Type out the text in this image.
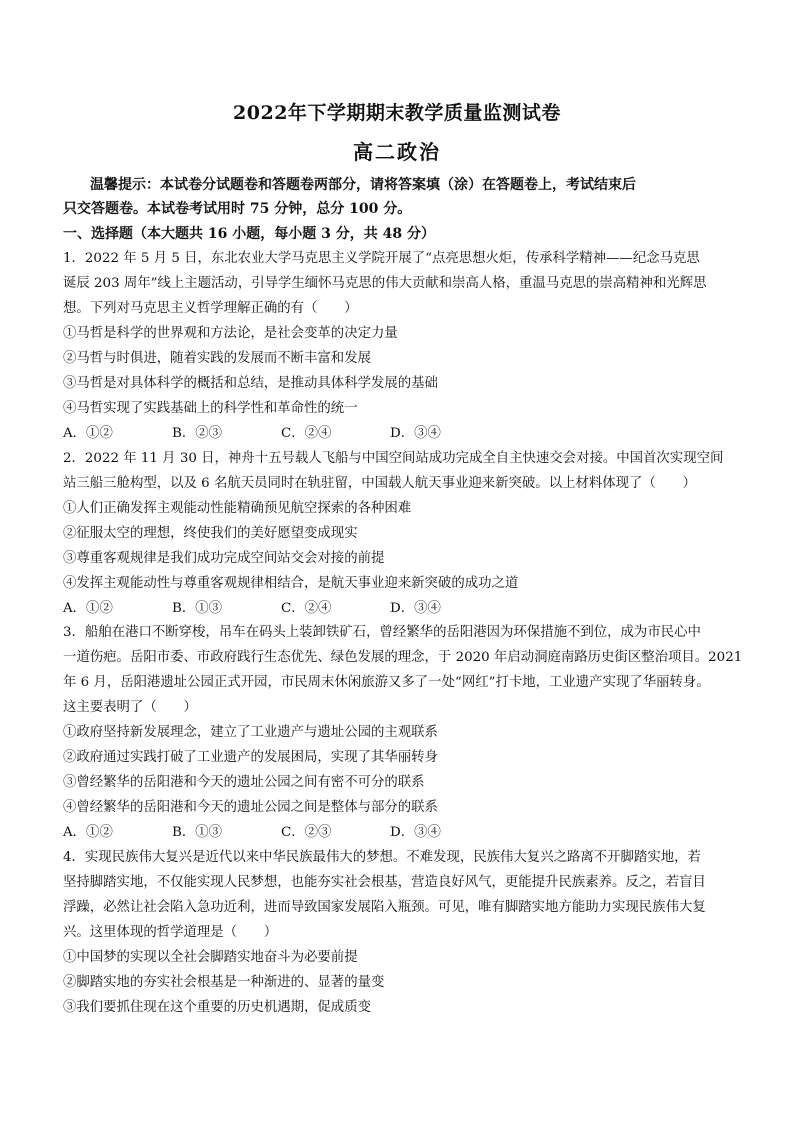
2022年下学期期末教学质量监测试卷
高二政治
温馨提示：本试卷分试题卷和答题卷两部分，请将答案填（涂）在答题卷上，考试结束后
只交答题卷。本试卷考试用时 75 分钟，总分 100 分。
一、选择题（本大题共 16 小题，每小题 3 分，共 48 分）
1．2022 年 5 月 5 日，东北农业大学马克思主义学院开展了“点亮思想火炬，传承科学精神——纪念马克思
诞辰 203 周年”线上主题活动，引导学生缅怀马克思的伟大贡献和崇高人格，重温马克思的崇高精神和光辉思
想。下列对马克思主义哲学理解正确的有（　　）
①马哲是科学的世界观和方法论，是社会变革的决定力量
②马哲与时俱进，随着实践的发展而不断丰富和发展
③马哲是对具体科学的概括和总结，是推动具体科学发展的基础
④马哲实现了实践基础上的科学性和革命性的统一
A．①②	B．②③	C．②④	D．③④
2．2022 年 11 月 30 日，神舟十五号载人飞船与中国空间站成功完成全自主快速交会对接。中国首次实现空间
站三船三舱构型，以及 6 名航天员同时在轨驻留，中国载人航天事业迎来新突破。以上材料体现了（　　）
①人们正确发挥主观能动性能精确预见航空探索的各种困难
②征服太空的理想，终使我们的美好愿望变成现实
③尊重客观规律是我们成功完成空间站交会对接的前提
④发挥主观能动性与尊重客观规律相结合，是航天事业迎来新突破的成功之道
A．①②	B．①③	C．②④	D．③④
3．船舶在港口不断穿梭，吊车在码头上装卸铁矿石，曾经繁华的岳阳港因为环保措施不到位，成为市民心中
一道伤疤。岳阳市委、市政府践行生态优先、绿色发展的理念，于 2020 年启动洞庭南路历史街区整治项目。2021
年 6 月，岳阳港遗址公园正式开园，市民周末休闲旅游又多了一处“网红”打卡地，工业遗产实现了华丽转身。
这主要表明了（　　）
①政府坚持新发展理念，建立了工业遗产与遗址公园的主观联系
②政府通过实践打破了工业遗产的发展困局，实现了其华丽转身
③曾经繁华的岳阳港和今天的遗址公园之间有密不可分的联系
④曾经繁华的岳阳港和今天的遗址公园之间是整体与部分的联系
A．①②	B．①③	C．②③	D．③④
4．实现民族伟大复兴是近代以来中华民族最伟大的梦想。不难发现，民族伟大复兴之路离不开脚踏实地，若
坚持脚踏实地，不仅能实现人民梦想，也能夯实社会根基，营造良好风气，更能提升民族素养。反之，若盲目
浮躁，必然让社会陷入急功近利，进而导致国家发展陷入瓶颈。可见，唯有脚踏实地方能助力实现民族伟大复
兴。这里体现的哲学道理是（　　）
①中国梦的实现以全社会脚踏实地奋斗为必要前提
②脚踏实地的夯实社会根基是一种渐进的、显著的量变
③我们要抓住现在这个重要的历史机遇期，促成质变
